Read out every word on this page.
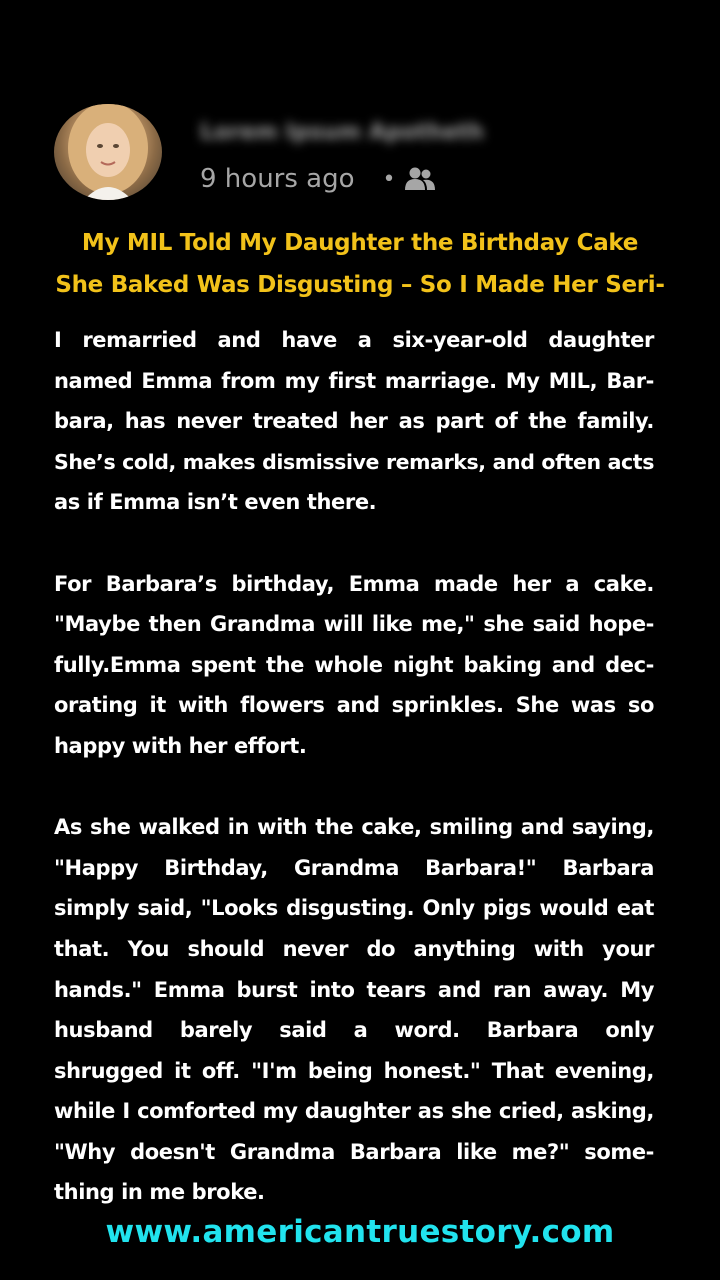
Lorem Ipsum Apotheth
9 hours ago •
My MIL Told My Daughter the Birthday Cake
She Baked Was Disgusting – So I Made Her Seri-
I remarried and have a six-year-old daughter
named Emma from my first marriage. My MIL, Bar-
bara, has never treated her as part of the family.
She’s cold, makes dismissive remarks, and often acts
as if Emma isn’t even there.
For Barbara’s birthday, Emma made her a cake.
"Maybe then Grandma will like me," she said hope-
fully.Emma spent the whole night baking and dec-
orating it with flowers and sprinkles. She was so
happy with her effort.
As she walked in with the cake, smiling and saying,
"Happy Birthday, Grandma Barbara!" Barbara
simply said, "Looks disgusting. Only pigs would eat
that. You should never do anything with your
hands." Emma burst into tears and ran away. My
husband barely said a word. Barbara only
shrugged it off. "I'm being honest." That evening,
while I comforted my daughter as she cried, asking,
"Why doesn't Grandma Barbara like me?" some-
thing in me broke.
www.americantruestory.com
